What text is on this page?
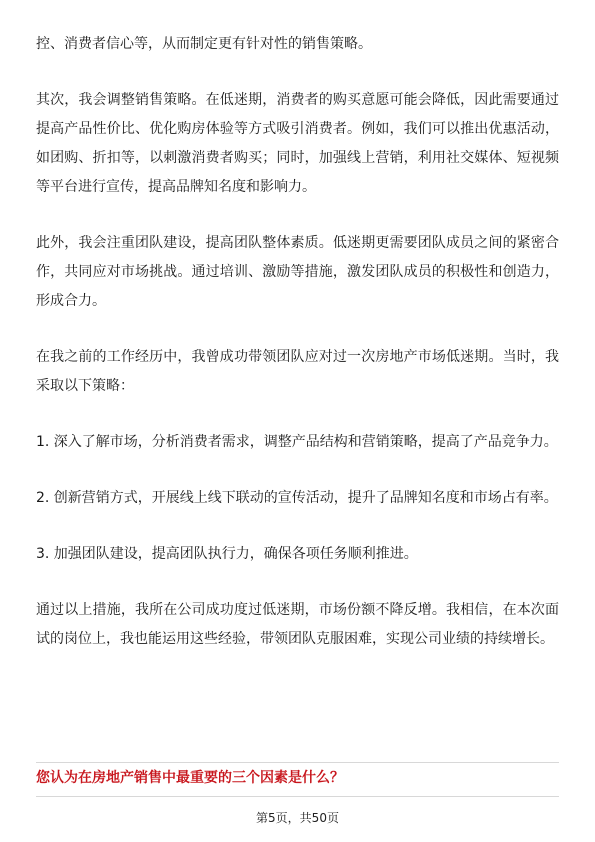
控、消费者信心等，从而制定更有针对性的销售策略。

其次，我会调整销售策略。在低迷期，消费者的购买意愿可能会降低，因此需要通过提高产品性价比、优化购房体验等方式吸引消费者。例如，我们可以推出优惠活动，如团购、折扣等，以刺激消费者购买；同时，加强线上营销，利用社交媒体、短视频等平台进行宣传，提高品牌知名度和影响力。

此外，我会注重团队建设，提高团队整体素质。低迷期更需要团队成员之间的紧密合作，共同应对市场挑战。通过培训、激励等措施，激发团队成员的积极性和创造力，形成合力。

在我之前的工作经历中，我曾成功带领团队应对过一次房地产市场低迷期。当时，我采取以下策略：

1. 深入了解市场，分析消费者需求，调整产品结构和营销策略，提高了产品竞争力。

2. 创新营销方式，开展线上线下联动的宣传活动，提升了品牌知名度和市场占有率。

3. 加强团队建设，提高团队执行力，确保各项任务顺利推进。

通过以上措施，我所在公司成功度过低迷期，市场份额不降反增。我相信，在本次面试的岗位上，我也能运用这些经验，带领团队克服困难，实现公司业绩的持续增长。

您认为在房地产销售中最重要的三个因素是什么？

第5页，共50页
